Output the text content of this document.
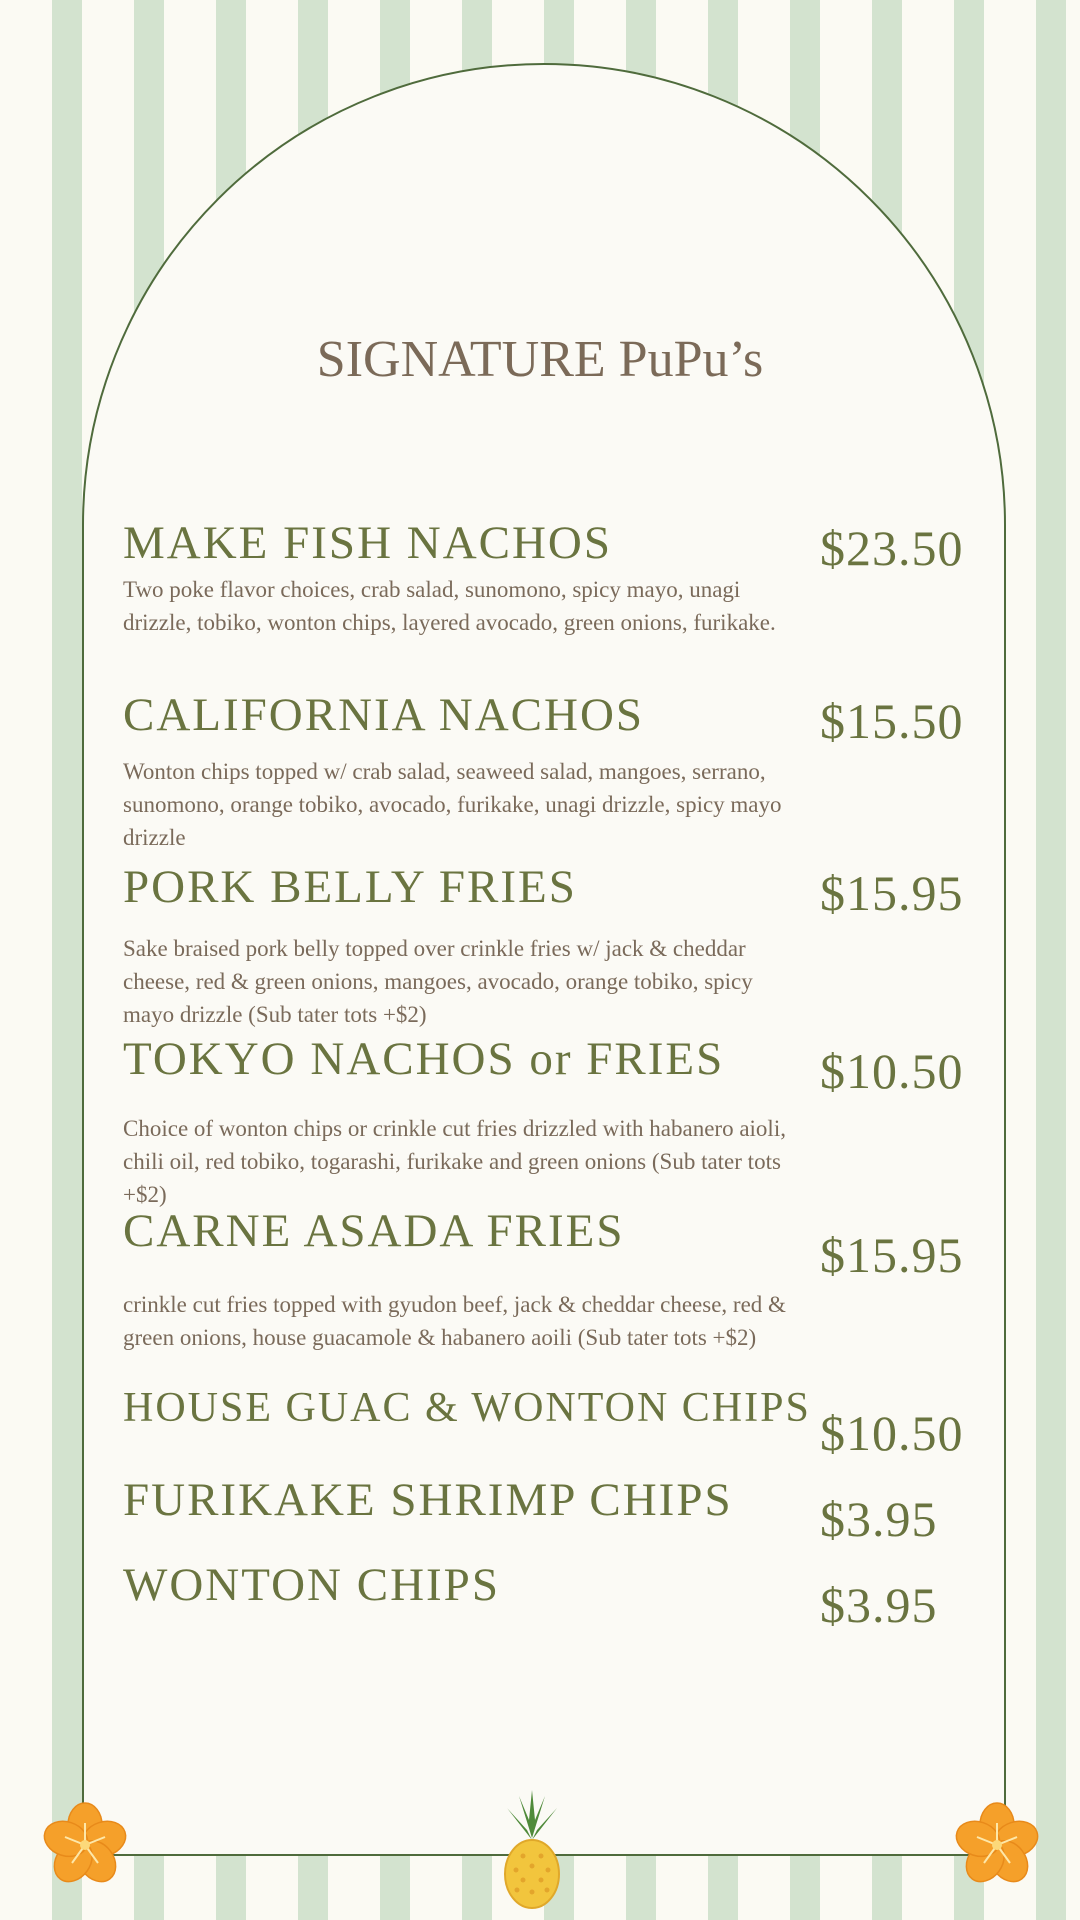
SIGNATURE PuPu’s
MAKE FISH NACHOS	$23.50
Two poke flavor choices, crab salad, sunomono, spicy mayo, unagi drizzle, tobiko, wonton chips, layered avocado, green onions, furikake.
CALIFORNIA NACHOS	$15.50
Wonton chips topped w/ crab salad, seaweed salad, mangoes, serrano, sunomono, orange tobiko, avocado, furikake, unagi drizzle, spicy mayo drizzle
PORK BELLY FRIES	$15.95
Sake braised pork belly topped over crinkle fries w/ jack & cheddar cheese, red & green onions, mangoes, avocado, orange tobiko, spicy mayo drizzle (Sub tater tots +$2)
TOKYO NACHOS or FRIES $10.50
Choice of wonton chips or crinkle cut fries drizzled with habanero aioli, chili oil, red tobiko, togarashi, furikake and green onions (Sub tater tots +$2)
CARNE ASADA FRIES	$15.95
crinkle cut fries topped with gyudon beef, jack & cheddar cheese, red & green onions, house guacamole & habanero aoili (Sub tater tots +$2)
HOUSE GUAC & WONTON CHIPS $10.50
FURIKAKE SHRIMP CHIPS $3.95
WONTON CHIPS	$3.95
